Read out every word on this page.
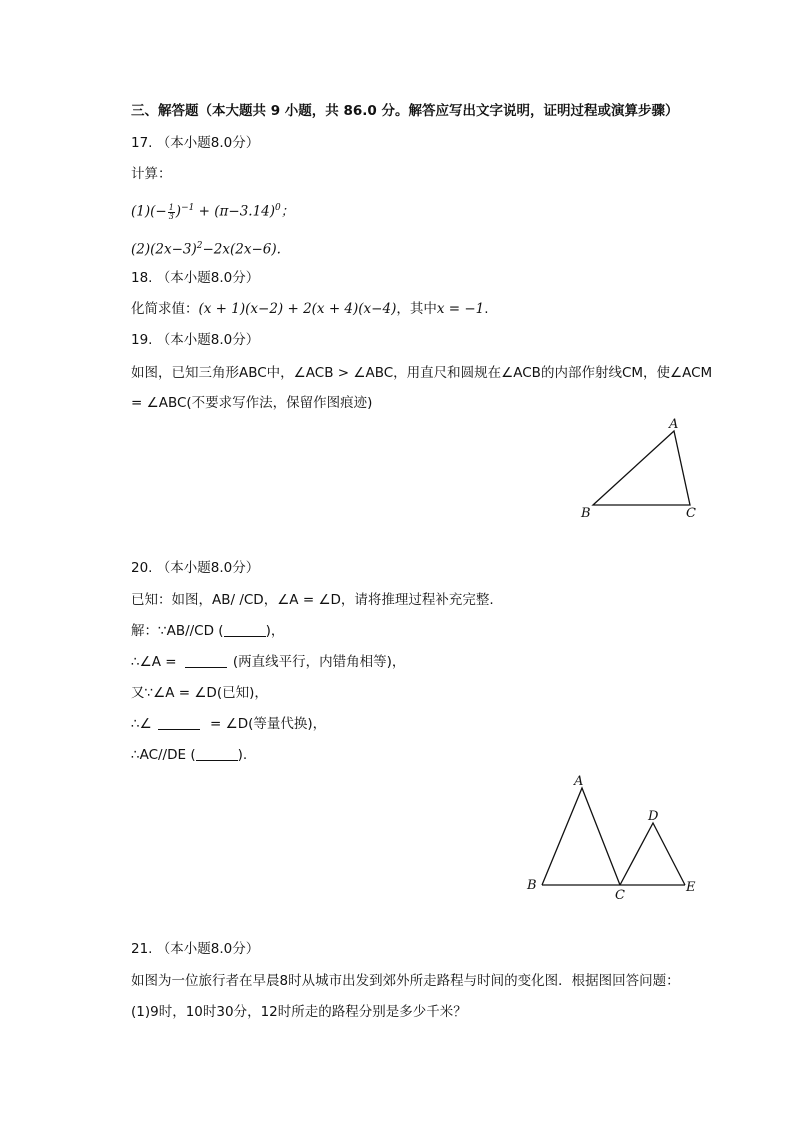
三、解答题（本大题共 9 小题，共 86.0 分。解答应写出文字说明，证明过程或演算步骤）
17. （本小题8.0分）
计算：
$(1)(- \frac{1}{3} )^{-1} + (\pi-3.14)^0$；
$(2)(2x-3)^2-2x(2x-6)$.
18. （本小题8.0分）
化简求值：(x + 1)(x−2) + 2(x + 4)(x−4)，其中x = −1.
19. （本小题8.0分）
如图，已知三角形ABC中，∠ACB > ∠ABC，用直尺和圆规在∠ACB的内部作射线CM，使∠ACM
= ∠ABC(不要求写作法，保留作图痕迹)
A
B	C
20. （本小题8.0分）
已知：如图，AB/ /CD，∠A = ∠D，请将推理过程补充完整.
解：∵AB//CD (	)，
∴∠A =	(两直线平行，内错角相等)，
又∵∠A = ∠D(已知)，
∴∠	= ∠D(等量代换)，
∴AC//DE (	).
A
B
C
D
E
21. （本小题8.0分）
如图为一位旅行者在早晨8时从城市出发到郊外所走路程与时间的变化图．根据图回答问题：
(1)9时，10时30分，12时所走的路程分别是多少千米？
